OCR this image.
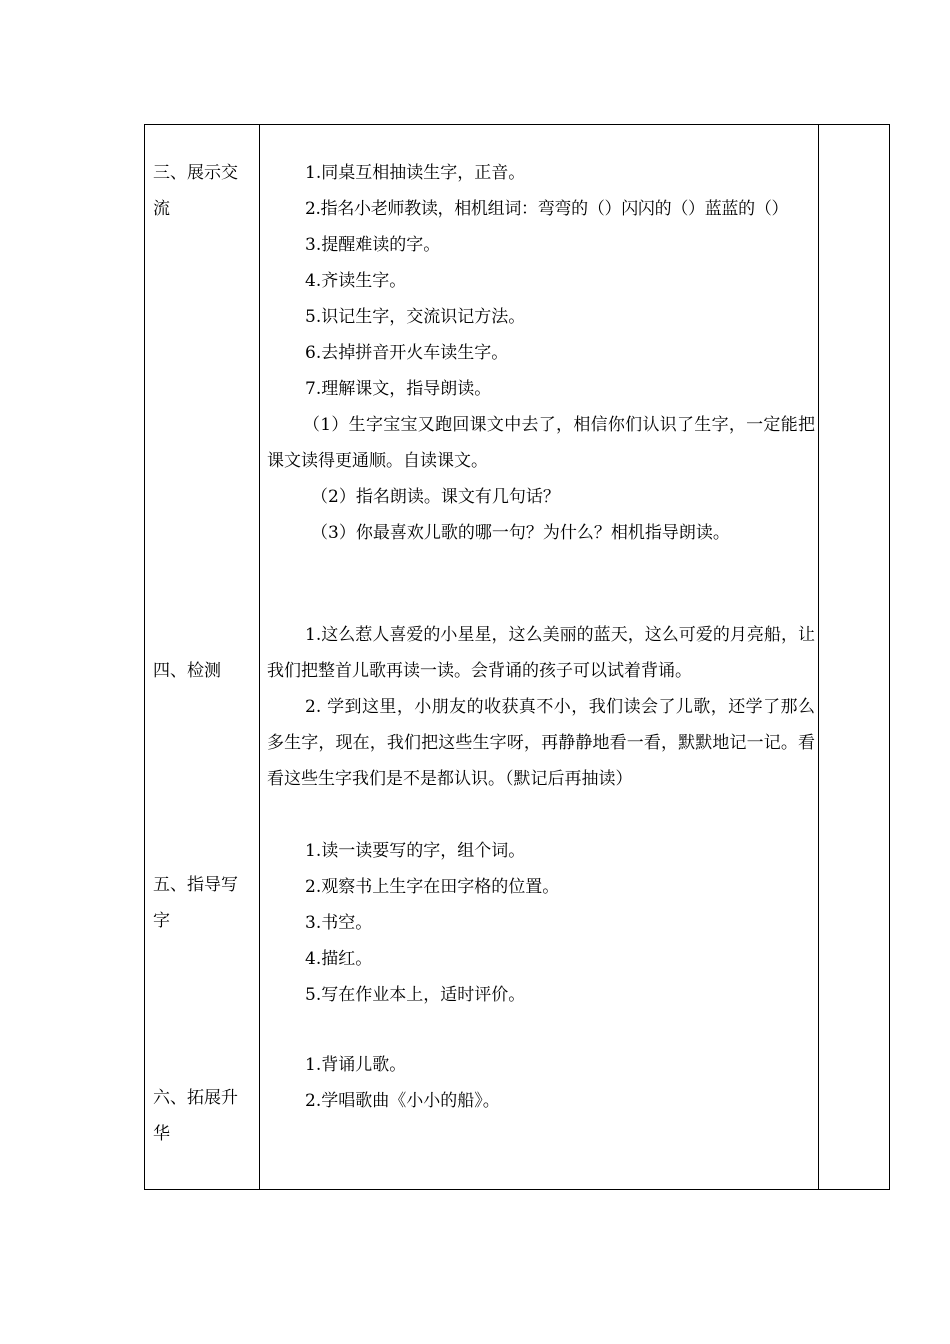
三、展示交流

1.同桌互相抽读生字，正音。

2.指名小老师教读，相机组词：弯弯的（）闪闪的（）蓝蓝的（）

3.提醒难读的字。

4.齐读生字。

5.识记生字，交流识记方法。

6.去掉拼音开火车读生字。

7.理解课文，指导朗读。

（1）生字宝宝又跑回课文中去了，相信你们认识了生字，一定能把课文读得更通顺。自读课文。

（2）指名朗读。课文有几句话？

（3）你最喜欢儿歌的哪一句？为什么？相机指导朗读。

四、检测

1.这么惹人喜爱的小星星，这么美丽的蓝天，这么可爱的月亮船，让我们把整首儿歌再读一读。会背诵的孩子可以试着背诵。

2. 学到这里，小朋友的收获真不小，我们读会了儿歌，还学了那么多生字，现在，我们把这些生字呀，再静静地看一看，默默地记一记。看看这些生字我们是不是都认识。（默记后再抽读）

五、指导写字

1.读一读要写的字，组个词。

2.观察书上生字在田字格的位置。

3.书空。

4.描红。

5.写在作业本上，适时评价。

六、拓展升华

1.背诵儿歌。

2.学唱歌曲《小小的船》。
